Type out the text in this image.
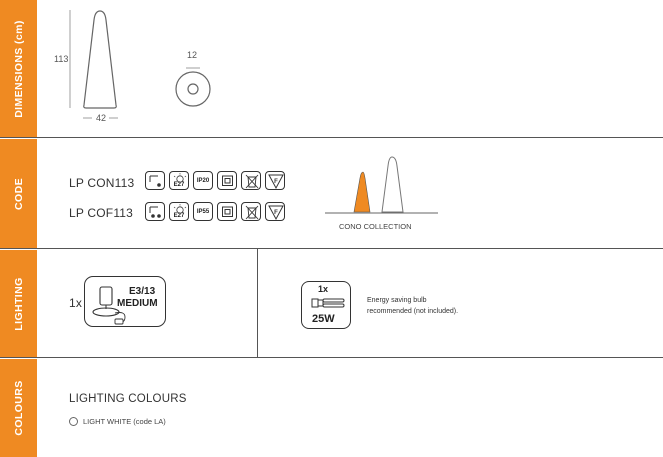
DIMENSIONS (cm)
CODE
LIGHTING
COLOURS
113
42
12
LP CON113
LP COF113
E27
IP20	F
E27
IP55	F
CONO COLLECTION
1x
E3/13
MEDIUM
1x
25W
Energy saving bulb
recommended (not included).
LIGHTING COLOURS
LIGHT WHITE (code LA)
